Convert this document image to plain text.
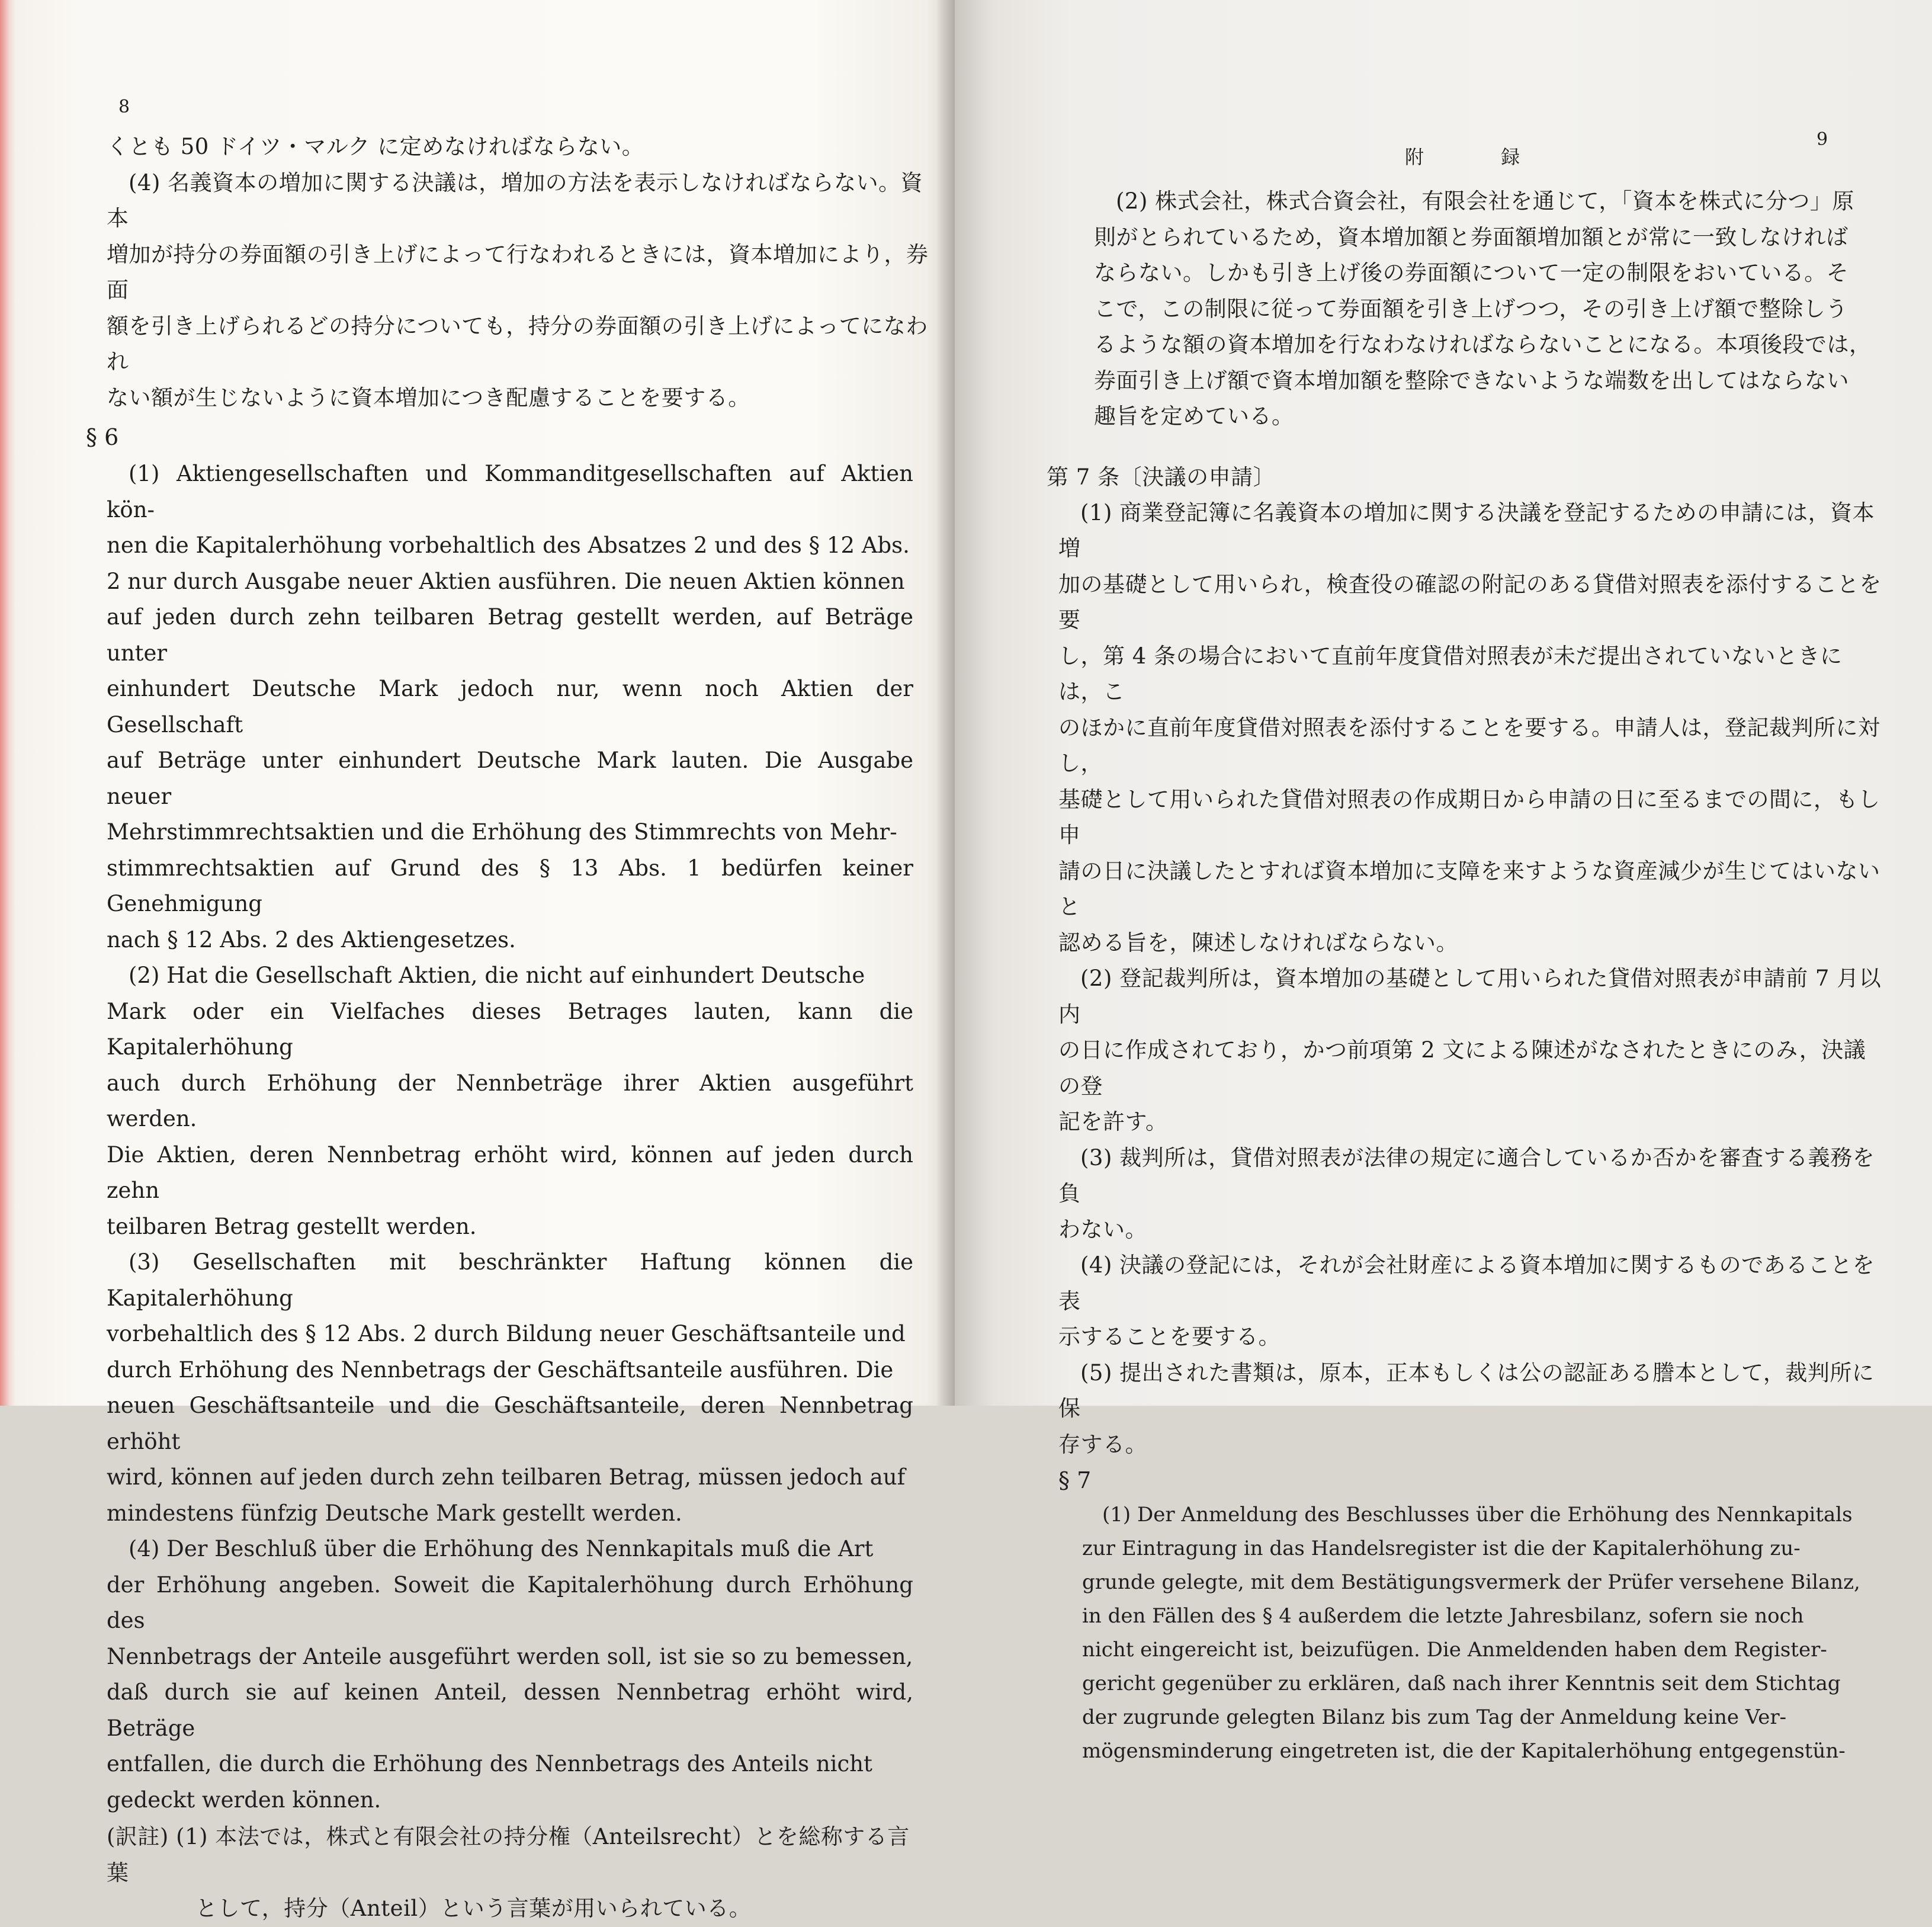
8

くとも 50 ドイツ・マルク に定めなければならない。

(4) 名義資本の増加に関する決議は，増加の方法を表示しなければならない。資本

増加が持分の券面額の引き上げによって行なわれるときには，資本増加により，券面

額を引き上げられるどの持分についても，持分の券面額の引き上げによってになわれ

ない額が生じないように資本増加につき配慮することを要する。

§ 6

(1) Aktiengesellschaften und Kommanditgesellschaften auf Aktien kön-

nen die Kapitalerhöhung vorbehaltlich des Absatzes 2 und des § 12 Abs.

2 nur durch Ausgabe neuer Aktien ausführen. Die neuen Aktien können

auf jeden durch zehn teilbaren Betrag gestellt werden, auf Beträge unter

einhundert Deutsche Mark jedoch nur, wenn noch Aktien der Gesellschaft

auf Beträge unter einhundert Deutsche Mark lauten. Die Ausgabe neuer

Mehrstimmrechtsaktien und die Erhöhung des Stimmrechts von Mehr-

stimmrechtsaktien auf Grund des § 13 Abs. 1 bedürfen keiner Genehmigung

nach § 12 Abs. 2 des Aktiengesetzes.

(2) Hat die Gesellschaft Aktien, die nicht auf einhundert Deutsche

Mark oder ein Vielfaches dieses Betrages lauten, kann die Kapitalerhöhung

auch durch Erhöhung der Nennbeträge ihrer Aktien ausgeführt werden.

Die Aktien, deren Nennbetrag erhöht wird, können auf jeden durch zehn

teilbaren Betrag gestellt werden.

(3) Gesellschaften mit beschränkter Haftung können die Kapitalerhöhung

vorbehaltlich des § 12 Abs. 2 durch Bildung neuer Geschäftsanteile und

durch Erhöhung des Nennbetrags der Geschäftsanteile ausführen. Die

neuen Geschäftsanteile und die Geschäftsanteile, deren Nennbetrag erhöht

wird, können auf jeden durch zehn teilbaren Betrag, müssen jedoch auf

mindestens fünfzig Deutsche Mark gestellt werden.

(4) Der Beschluß über die Erhöhung des Nennkapitals muß die Art

der Erhöhung angeben. Soweit die Kapitalerhöhung durch Erhöhung des

Nennbetrags der Anteile ausgeführt werden soll, ist sie so zu bemessen,

daß durch sie auf keinen Anteil, dessen Nennbetrag erhöht wird, Beträge

entfallen, die durch die Erhöhung des Nennbetrags des Anteils nicht

gedeckt werden können.

(訳註) (1) 本法では，株式と有限会社の持分権（Anteilsrecht）とを総称する言葉

として，持分（Anteil）という言葉が用いられている。

附 録
9

(2) 株式会社，株式合資会社，有限会社を通じて，「資本を株式に分つ」原

則がとられているため，資本増加額と券面額増加額とが常に一致しなければ

ならない。しかも引き上げ後の券面額について一定の制限をおいている。そ

こで，この制限に従って券面額を引き上げつつ，その引き上げ額で整除しう

るような額の資本増加を行なわなければならないことになる。本項後段では，

券面引き上げ額で資本増加額を整除できないような端数を出してはならない

趣旨を定めている。

第 7 条〔決議の申請〕

(1) 商業登記簿に名義資本の増加に関する決議を登記するための申請には，資本増

加の基礎として用いられ，検査役の確認の附記のある貸借対照表を添付することを要

し，第 4 条の場合において直前年度貸借対照表が未だ提出されていないときには，こ

のほかに直前年度貸借対照表を添付することを要する。申請人は，登記裁判所に対し，

基礎として用いられた貸借対照表の作成期日から申請の日に至るまでの間に，もし申

請の日に決議したとすれば資本増加に支障を来すような資産減少が生じてはいないと

認める旨を，陳述しなければならない。

(2) 登記裁判所は，資本増加の基礎として用いられた貸借対照表が申請前 7 月以内

の日に作成されており，かつ前項第 2 文による陳述がなされたときにのみ，決議の登

記を許す。

(3) 裁判所は，貸借対照表が法律の規定に適合しているか否かを審査する義務を負

わない。

(4) 決議の登記には，それが会社財産による資本増加に関するものであることを表

示することを要する。

(5) 提出された書類は，原本，正本もしくは公の認証ある謄本として，裁判所に保

存する。

§ 7

(1) Der Anmeldung des Beschlusses über die Erhöhung des Nennkapitals

zur Eintragung in das Handelsregister ist die der Kapitalerhöhung zu-

grunde gelegte, mit dem Bestätigungsvermerk der Prüfer versehene Bilanz,

in den Fällen des § 4 außerdem die letzte Jahresbilanz, sofern sie noch

nicht eingereicht ist, beizufügen. Die Anmeldenden haben dem Register-

gericht gegenüber zu erklären, daß nach ihrer Kenntnis seit dem Stichtag

der zugrunde gelegten Bilanz bis zum Tag der Anmeldung keine Ver-

mögensminderung eingetreten ist, die der Kapitalerhöhung entgegenstün-
